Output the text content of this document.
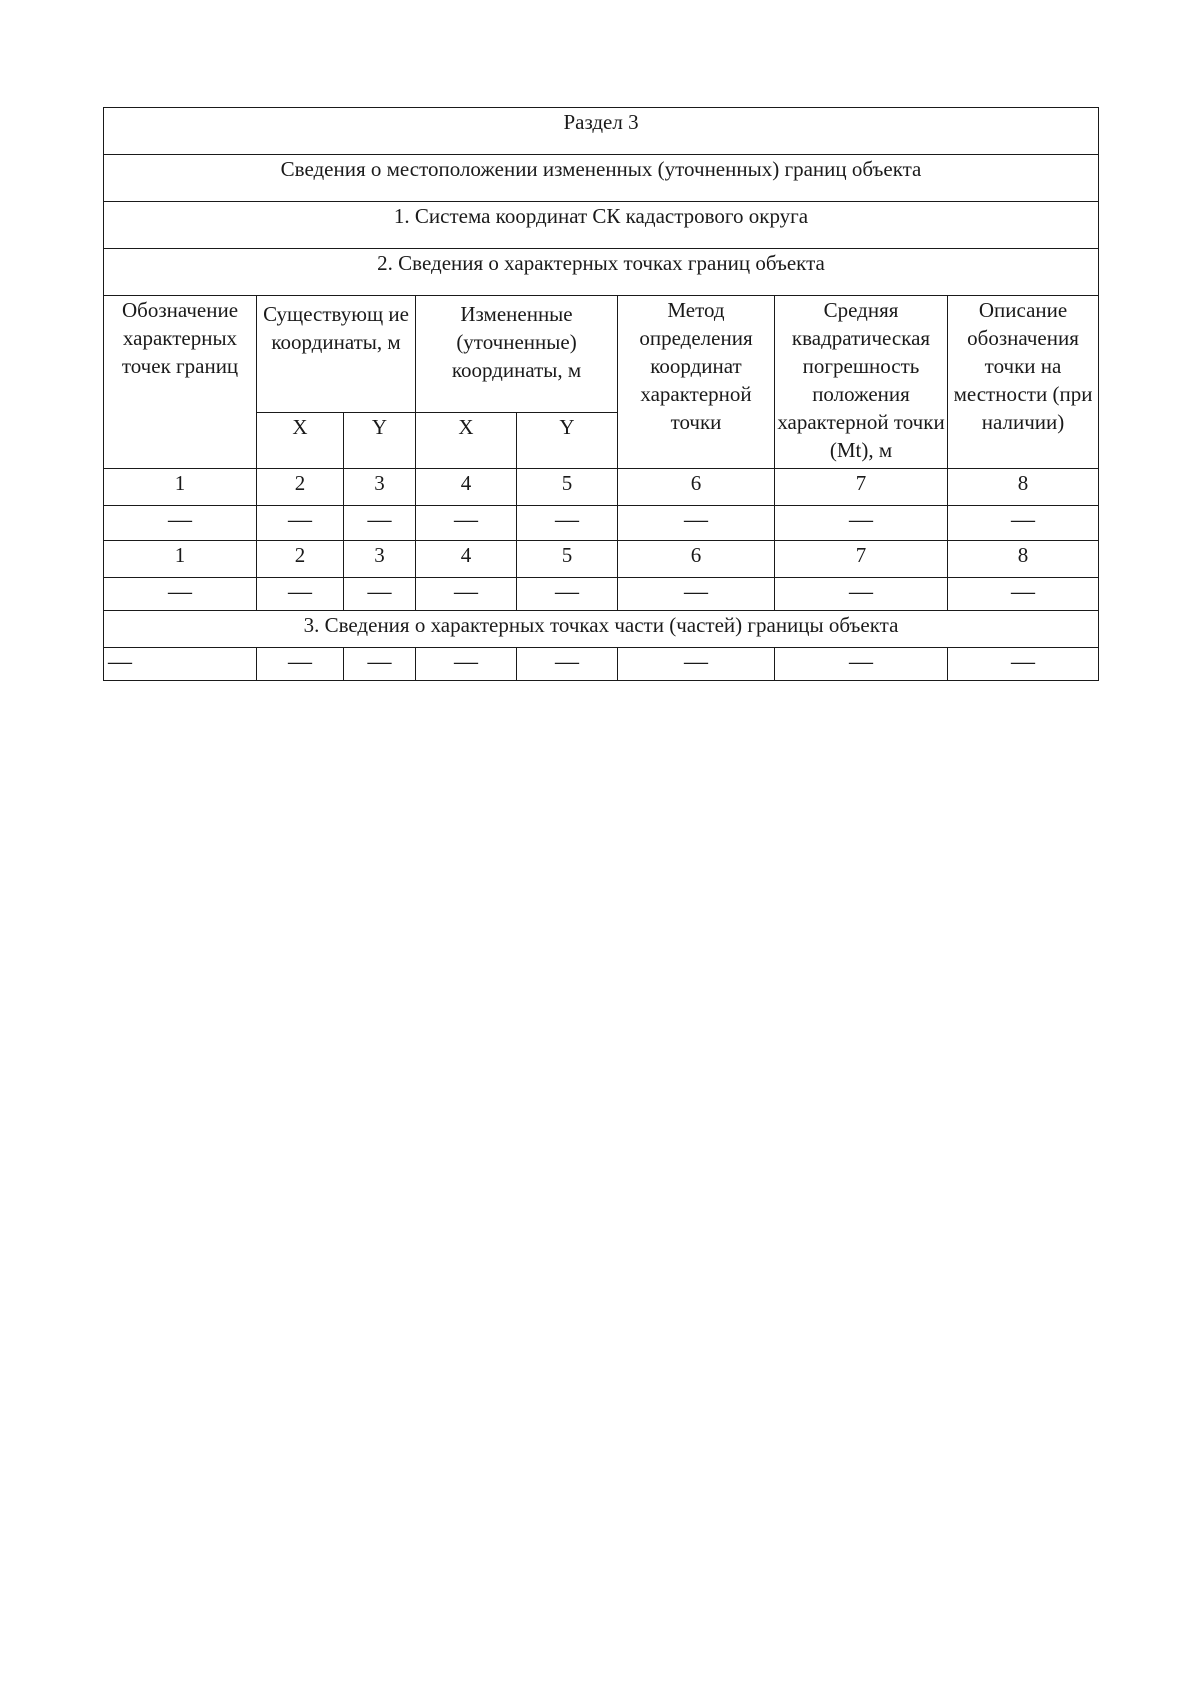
Раздел 3							
Сведения о местоположении измененных (уточненных) границ объекта							
1. Система координат СК кадастрового округа							
2. Сведения о характерных точках границ объекта							
Обозначение характерных точек границ	Существующ ие координаты, м		Измененные (уточненные) координаты, м		Метод определения координат характерной точки	Средняя квадратическая погрешность положения характерной точки (Mt), м	Описание обозначения точки на местности (при наличии)
	X	Y	X	Y			
1	2	3	4	5	6	7	8
—	—	—	—	—	—	—	—
1	2	3	4	5	6	7	8
—	—	—	—	—	—	—	—
3. Сведения о характерных точках части (частей) границы объекта							
—	—	—	—	—	—	—	—
